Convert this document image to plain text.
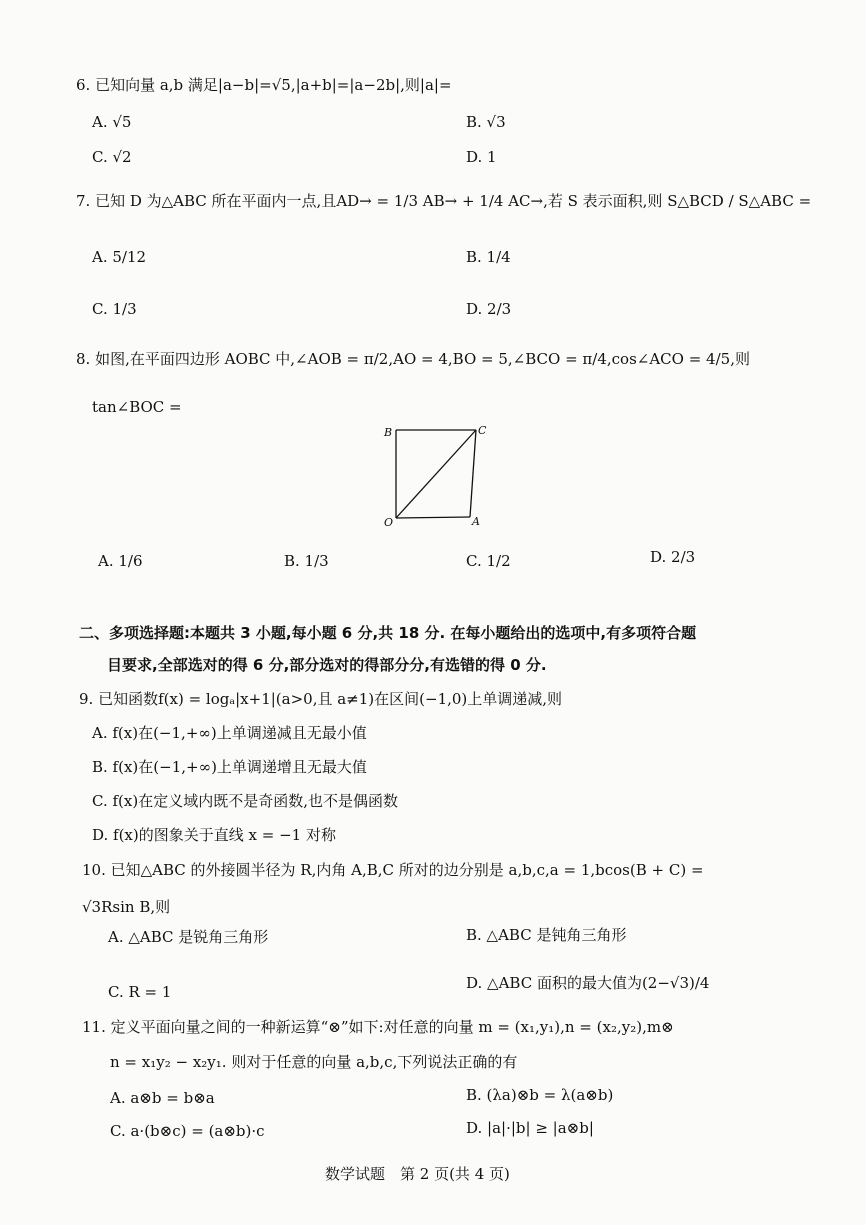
6. 已知向量 a,b 满足|a−b|=√5,|a+b|=|a−2b|,则|a|=
A. √5	B. √3
C. √2	D. 1
7. 已知 D 为△ABC 所在平面内一点,且AD→ = 1/3 AB→ + 1/4 AC→,若 S 表示面积,则 S△BCD / S△ABC =
A. 5/12	B. 1/4
C. 1/3	D. 2/3
8. 如图,在平面四边形 AOBC 中,∠AOB = π/2,AO = 4,BO = 5,∠BCO = π/4,cos∠ACO = 4/5,则
tan∠BOC =
B	C
O	A
A. 1/6	B. 1/3	C. 1/2	D. 2/3
二、多项选择题:本题共 3 小题,每小题 6 分,共 18 分. 在每小题给出的选项中,有多项符合题
目要求,全部选对的得 6 分,部分选对的得部分分,有选错的得 0 分.
9. 已知函数f(x) = logₐ|x+1|(a>0,且 a≠1)在区间(−1,0)上单调递减,则
A. f(x)在(−1,+∞)上单调递减且无最小值
B. f(x)在(−1,+∞)上单调递增且无最大值
C. f(x)在定义域内既不是奇函数,也不是偶函数
D. f(x)的图象关于直线 x = −1 对称
10. 已知△ABC 的外接圆半径为 R,内角 A,B,C 所对的边分别是 a,b,c,a = 1,bcos(B + C) =
√3Rsin B,则
A. △ABC 是锐角三角形	B. △ABC 是钝角三角形
C. R = 1	D. △ABC 面积的最大值为(2−√3)/4
11. 定义平面向量之间的一种新运算“⊗”如下:对任意的向量 m = (x₁,y₁),n = (x₂,y₂),m⊗
n = x₁y₂ − x₂y₁. 则对于任意的向量 a,b,c,下列说法正确的有
A. a⊗b = b⊗a	B. (λa)⊗b = λ(a⊗b)
C. a·(b⊗c) = (a⊗b)·c	D. |a|·|b| ≥ |a⊗b|
数学试题　第 2 页(共 4 页)
